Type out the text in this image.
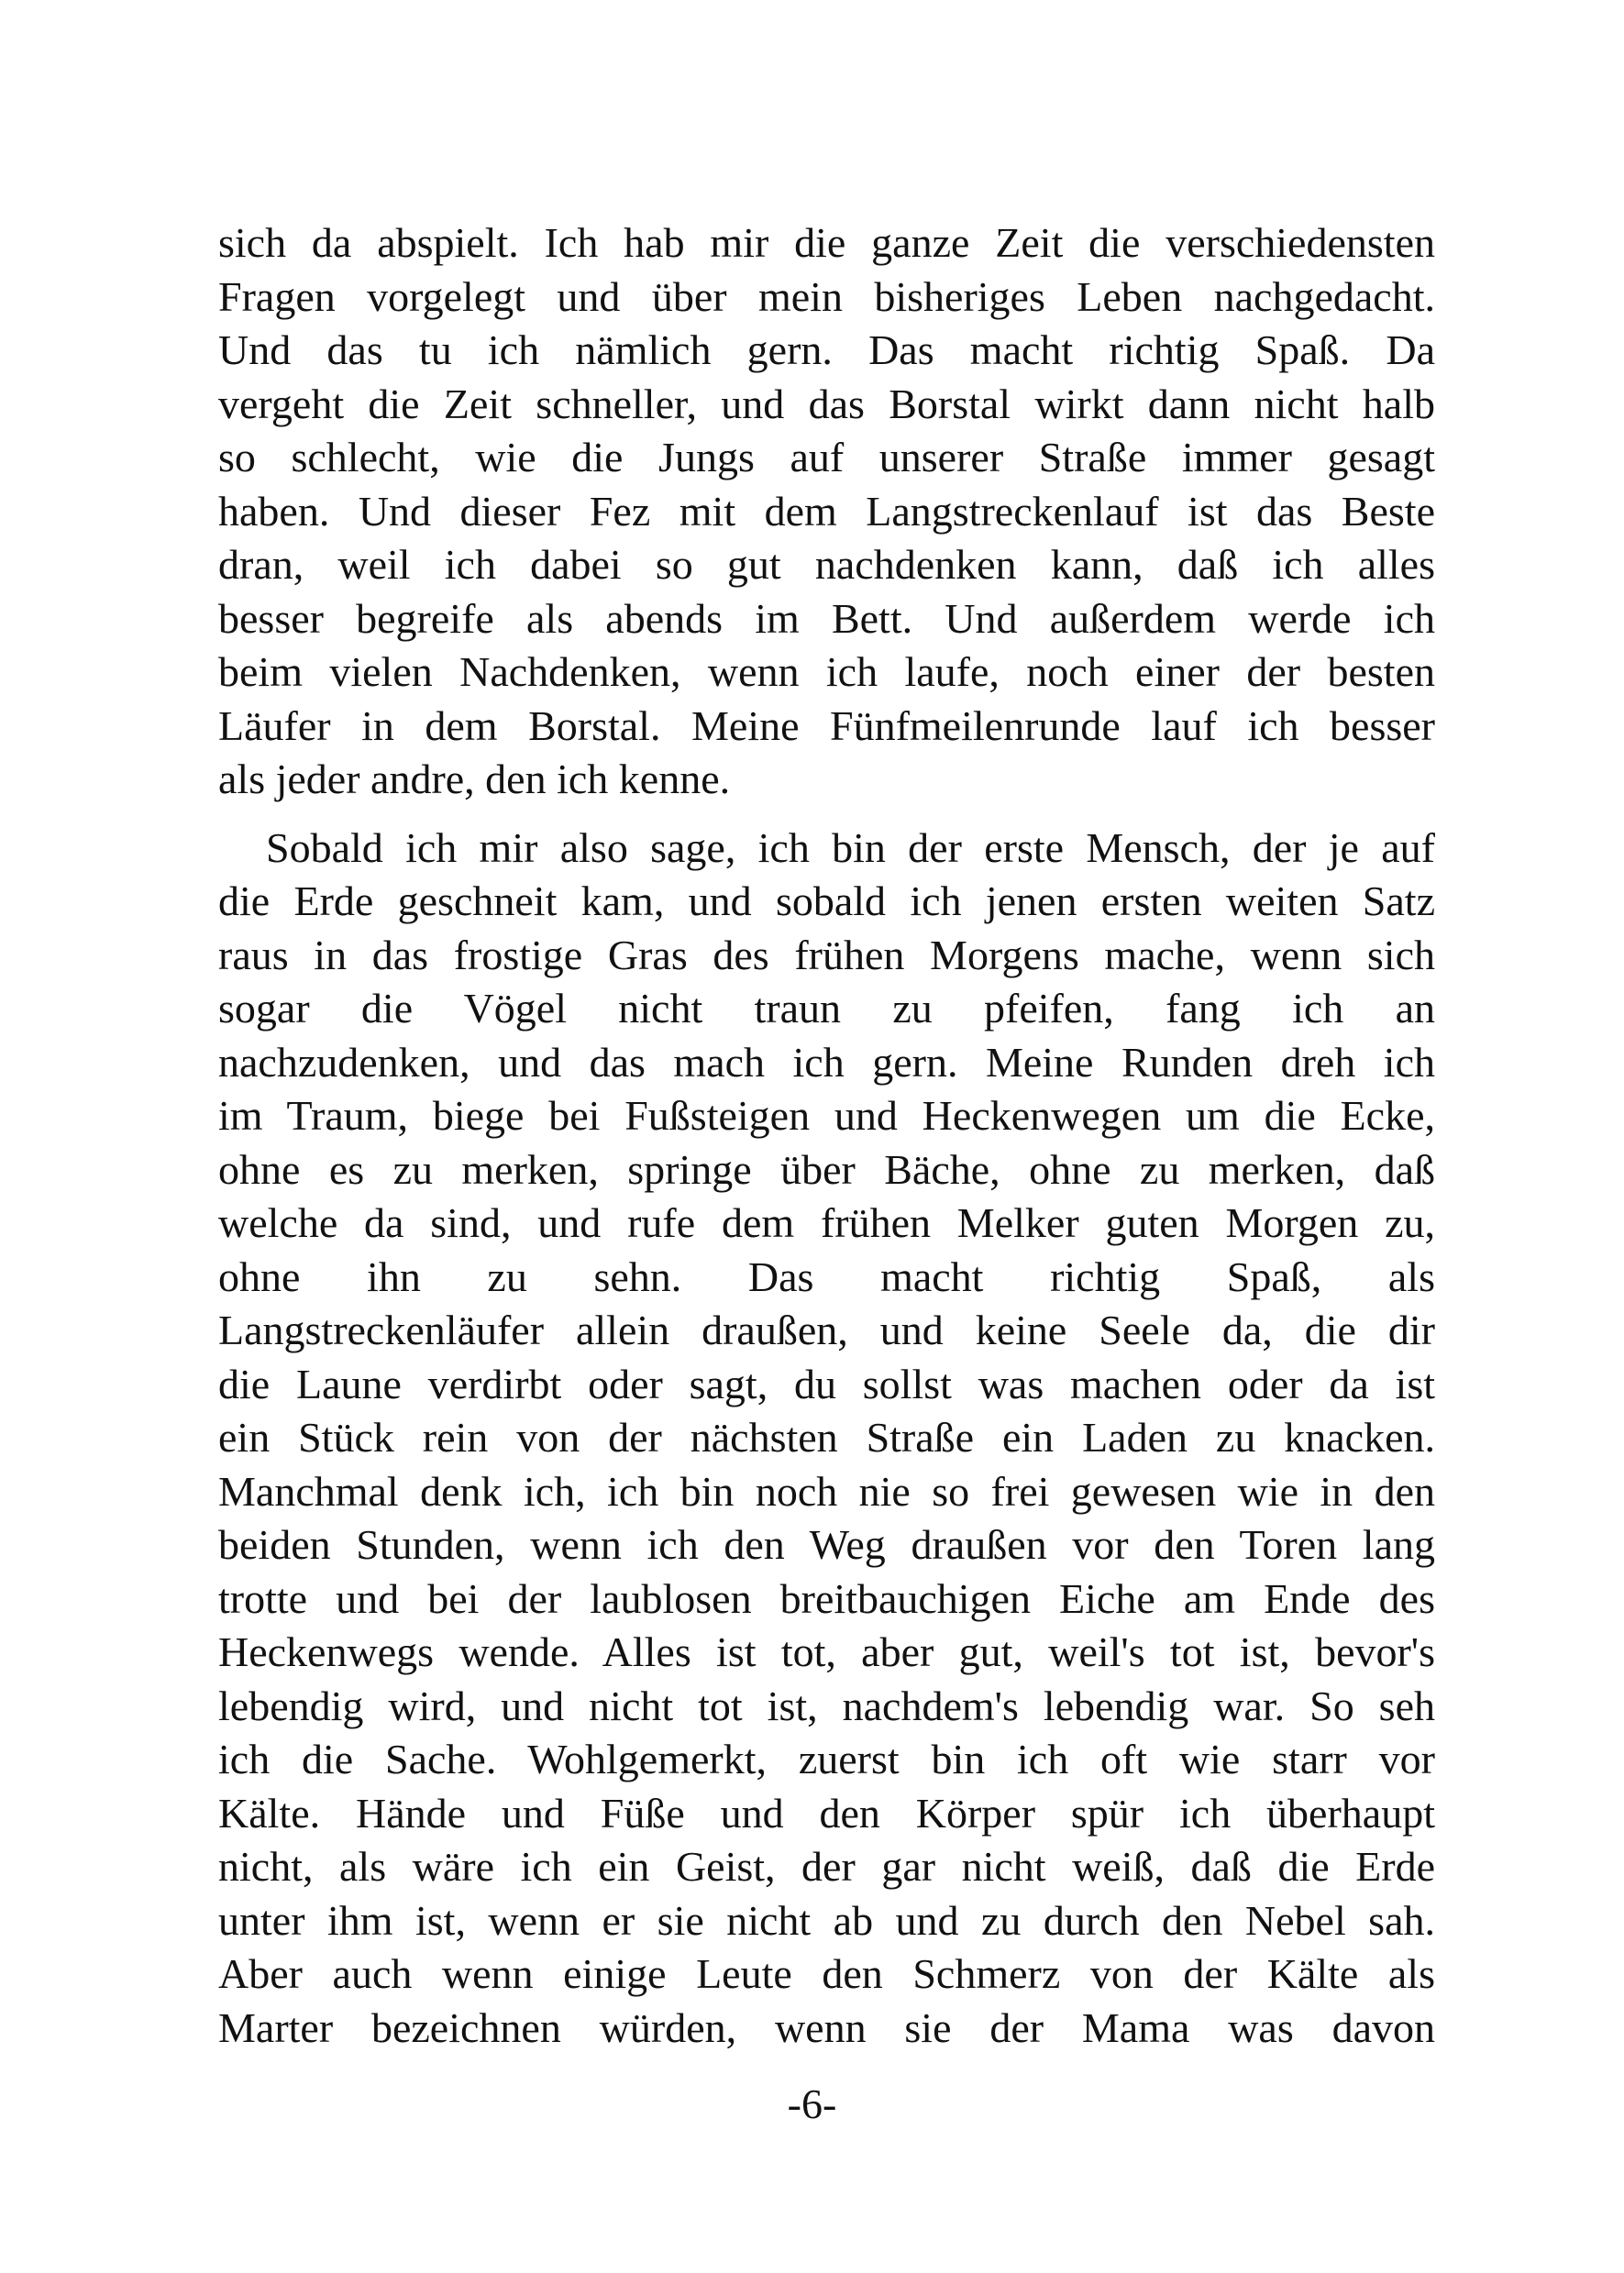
sich da abspielt. Ich hab mir die ganze Zeit die verschiedensten
Fragen vorgelegt und über mein bisheriges Leben nachgedacht.
Und das tu ich nämlich gern. Das macht richtig Spaß. Da
vergeht die Zeit schneller, und das Borstal wirkt dann nicht halb
so schlecht, wie die Jungs auf unserer Straße immer gesagt
haben. Und dieser Fez mit dem Langstreckenlauf ist das Beste
dran, weil ich dabei so gut nachdenken kann, daß ich alles
besser begreife als abends im Bett. Und außerdem werde ich
beim vielen Nachdenken, wenn ich laufe, noch einer der besten
Läufer in dem Borstal. Meine Fünfmeilenrunde lauf ich besser
als jeder andre, den ich kenne.
Sobald ich mir also sage, ich bin der erste Mensch, der je auf
die Erde geschneit kam, und sobald ich jenen ersten weiten Satz
raus in das frostige Gras des frühen Morgens mache, wenn sich
sogar die Vögel nicht traun zu pfeifen, fang ich an
nachzudenken, und das mach ich gern. Meine Runden dreh ich
im Traum, biege bei Fußsteigen und Heckenwegen um die Ecke,
ohne es zu merken, springe über Bäche, ohne zu merken, daß
welche da sind, und rufe dem frühen Melker guten Morgen zu,
ohne ihn zu sehn. Das macht richtig Spaß, als
Langstreckenläufer allein draußen, und keine Seele da, die dir
die Laune verdirbt oder sagt, du sollst was machen oder da ist
ein Stück rein von der nächsten Straße ein Laden zu knacken.
Manchmal denk ich, ich bin noch nie so frei gewesen wie in den
beiden Stunden, wenn ich den Weg draußen vor den Toren lang
trotte und bei der laublosen breitbauchigen Eiche am Ende des
Heckenwegs wende. Alles ist tot, aber gut, weil's tot ist, bevor's
lebendig wird, und nicht tot ist, nachdem's lebendig war. So seh
ich die Sache. Wohlgemerkt, zuerst bin ich oft wie starr vor
Kälte. Hände und Füße und den Körper spür ich überhaupt
nicht, als wäre ich ein Geist, der gar nicht weiß, daß die Erde
unter ihm ist, wenn er sie nicht ab und zu durch den Nebel sah.
Aber auch wenn einige Leute den Schmerz von der Kälte als
Marter bezeichnen würden, wenn sie der Mama was davon
-6-
